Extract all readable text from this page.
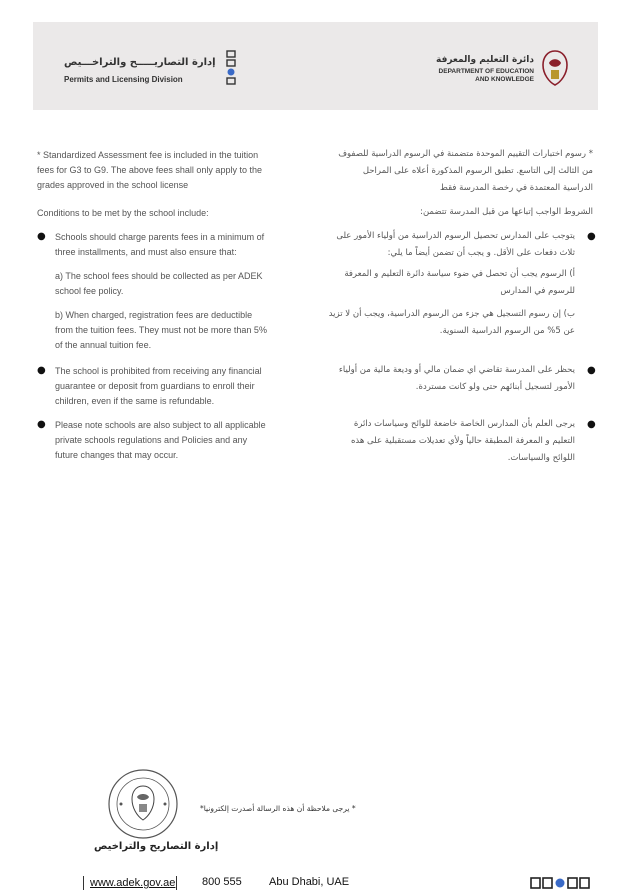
إدارة التصاريـــــح والتراخـــيص
Permits and Licensing Division
دائرة التعليم والمعرفة
DEPARTMENT OF EDUCATION AND KNOWLEDGE
* Standardized Assessment fee is included in the tuition
fees for G3 to G9. The above fees shall only apply to the
grades approved in the school license
Conditions to be met by the school include:
● Schools should charge parents fees in a minimum of
three installments, and must also ensure that:
a) The school fees should be collected as per ADEK
school fee policy.
b) When charged, registration fees are deductible
from the tuition fees. They must not be more than 5%
of the annual tuition fee.
● The school is prohibited from receiving any financial
guarantee or deposit from guardians to enroll their
children, even if the same is refundable.
● Please note schools are also subject to all applicable
private schools regulations and Policies and any
future changes that may occur.
* رسوم اختبارات التقييم الموحدة متضمنة في الرسوم الدراسية للصفوف
من الثالث إلى التاسع. تطبق الرسوم المذكورة أعلاه على المراحل
الدراسية المعتمدة في رخصة المدرسة فقط
الشروط الواجب إتباعها من قبل المدرسة تتضمن:
●
يتوجب على المدارس تحصيل الرسوم الدراسية من أولياء الأمور على
ثلاث دفعات على الأقل. و يجب أن تضمن أيضاً ما يلي:
أ) الرسوم يجب أن تحصل في ضوء سياسة دائرة التعليم و المعرفة
للرسوم في المدارس
ب) إن رسوم التسجيل هي جزء من الرسوم الدراسية، ويجب أن لا تزيد
عن 5% من الرسوم الدراسية السنوية.
●
يحظر على المدرسة تقاضي اي ضمان مالي أو وديعة مالية من أولياء
الأمور لتسجيل أبنائهم حتى ولو كانت مستردة.
●
يرجى العلم بأن المدارس الخاصة خاضعة للوائح وسياسات دائرة
التعليم و المعرفة المطبقة حالياً ولأي تعديلات مستقبلية على هذه
اللوائح والسياسات.
* يرجى ملاحظة أن هذه الرسالة أصدرت إلكترونيا*
إدارة التصاريح والتراخيص
www.adek.gov.ae 800 555 Abu Dhabi, UAE
